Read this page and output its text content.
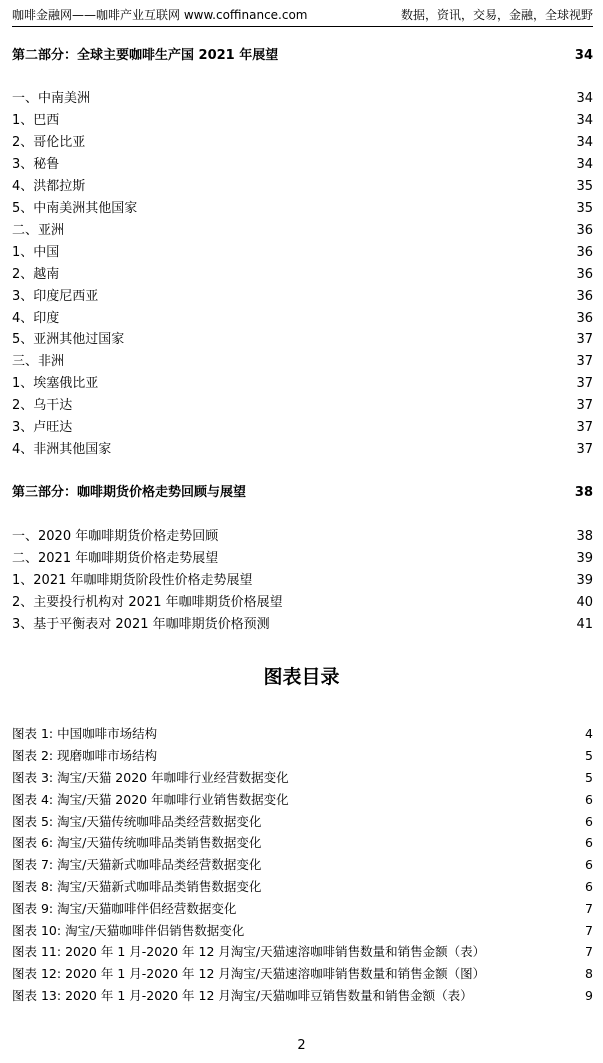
咖啡金融网——咖啡产业互联网 www.coffinance.com	数据，资讯，交易，金融，全球视野
第二部分：全球主要咖啡生产国 2021 年展望	34
一、中南美洲	34
1、巴西	34
2、哥伦比亚	34
3、秘鲁	34
4、洪都拉斯	35
5、中南美洲其他国家	35
二、亚洲	36
1、中国	36
2、越南	36
3、印度尼西亚	36
4、印度	36
5、亚洲其他过国家	37
三、非洲	37
1、埃塞俄比亚	37
2、乌干达	37
3、卢旺达	37
4、非洲其他国家	37
第三部分：咖啡期货价格走势回顾与展望	38
一、2020 年咖啡期货价格走势回顾	38
二、2021 年咖啡期货价格走势展望	39
1、2021 年咖啡期货阶段性价格走势展望	39
2、主要投行机构对 2021 年咖啡期货价格展望	40
3、基于平衡表对 2021 年咖啡期货价格预测	41
图表目录
图表 1: 中国咖啡市场结构	4
图表 2: 现磨咖啡市场结构	5
图表 3: 淘宝/天猫 2020 年咖啡行业经营数据变化	5
图表 4: 淘宝/天猫 2020 年咖啡行业销售数据变化	6
图表 5: 淘宝/天猫传统咖啡品类经营数据变化	6
图表 6: 淘宝/天猫传统咖啡品类销售数据变化	6
图表 7: 淘宝/天猫新式咖啡品类经营数据变化	6
图表 8: 淘宝/天猫新式咖啡品类销售数据变化	6
图表 9: 淘宝/天猫咖啡伴侣经营数据变化	7
图表 10: 淘宝/天猫咖啡伴侣销售数据变化	7
图表 11: 2020 年 1 月-2020 年 12 月淘宝/天猫速溶咖啡销售数量和销售金额（表）	7
图表 12: 2020 年 1 月-2020 年 12 月淘宝/天猫速溶咖啡销售数量和销售金额（图）	8
图表 13: 2020 年 1 月-2020 年 12 月淘宝/天猫咖啡豆销售数量和销售金额（表）	9
2
